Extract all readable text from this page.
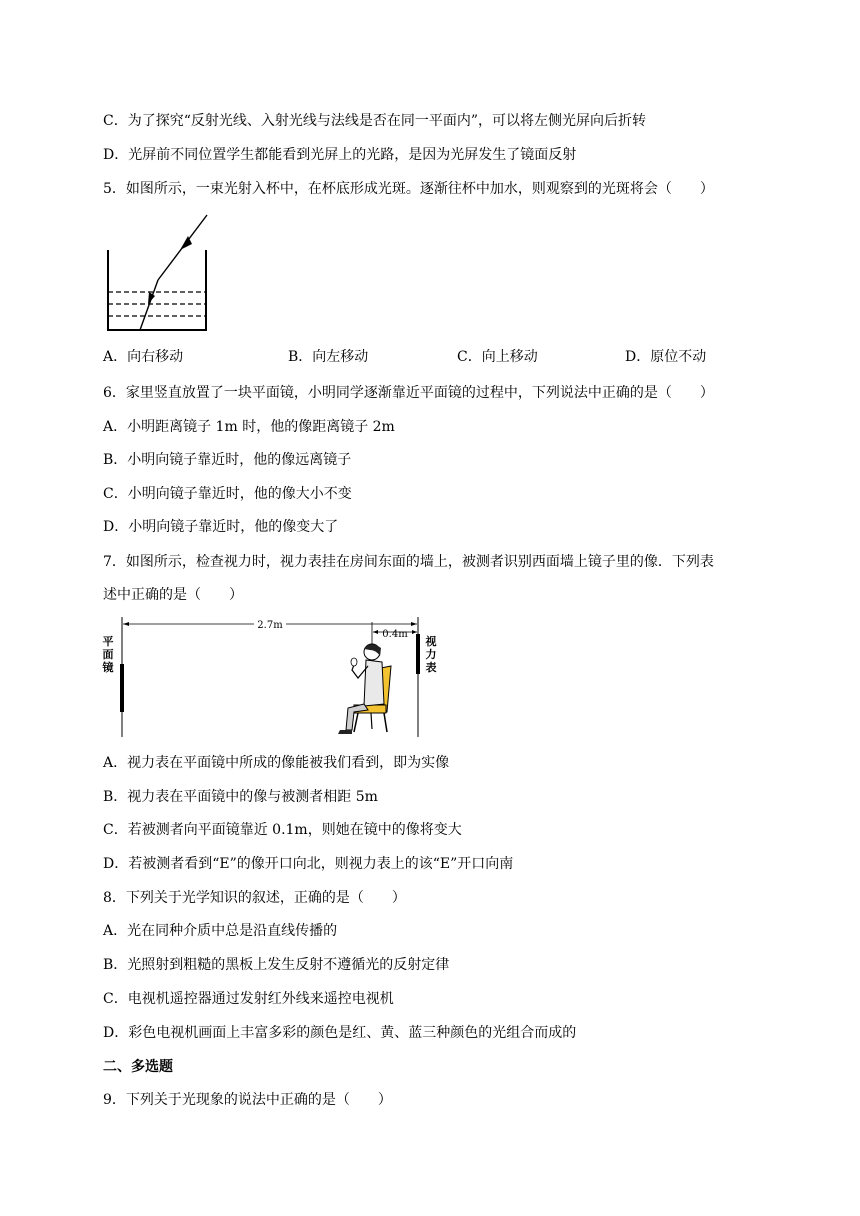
C．为了探究“反射光线、入射光线与法线是否在同一平面内”，可以将左侧光屏向后折转
D．光屏前不同位置学生都能看到光屏上的光路，是因为光屏发生了镜面反射
5．如图所示，一束光射入杯中，在杯底形成光斑。逐渐往杯中加水，则观察到的光斑将会（　　）
A．向右移动	B．向左移动	C．向上移动	D．原位不动
6．家里竖直放置了一块平面镜，小明同学逐渐靠近平面镜的过程中，下列说法中正确的是（　　）
A．小明距离镜子 1m 时，他的像距离镜子 2m
B．小明向镜子靠近时，他的像远离镜子
C．小明向镜子靠近时，他的像大小不变
D．小明向镜子靠近时，他的像变大了
7．如图所示，检查视力时，视力表挂在房间东面的墙上，被测者识别西面墙上镜子里的像．下列表
述中正确的是（　　）
2.7m
0.4m
平
面
镜
视
力
表
A．视力表在平面镜中所成的像能被我们看到，即为实像
B．视力表在平面镜中的像与被测者相距 5m
C．若被测者向平面镜靠近 0.1m，则她在镜中的像将变大
D．若被测者看到“E”的像开口向北，则视力表上的该“E”开口向南
8．下列关于光学知识的叙述，正确的是（　　）
A．光在同种介质中总是沿直线传播的
B．光照射到粗糙的黑板上发生反射不遵循光的反射定律
C．电视机遥控器通过发射红外线来遥控电视机
D．彩色电视机画面上丰富多彩的颜色是红、黄、蓝三种颜色的光组合而成的
二、多选题
9．下列关于光现象的说法中正确的是（　　）
